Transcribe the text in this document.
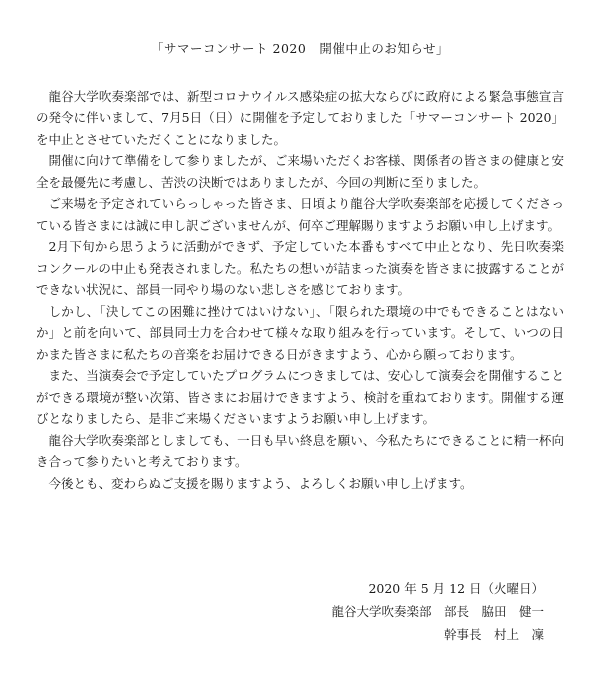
「サマーコンサート 2020　開催中止のお知らせ」

龍谷大学吹奏楽部では、新型コロナウイルス感染症の拡大ならびに政府による緊急事態宣言の発令に伴いまして、7月5日（日）に開催を予定しておりました「サマーコンサート 2020」を中止とさせていただくことになりました。

開催に向けて準備をして参りましたが、ご来場いただくお客様、関係者の皆さまの健康と安全を最優先に考慮し、苦渋の決断ではありましたが、今回の判断に至りました。

ご来場を予定されていらっしゃった皆さま、日頃より龍谷大学吹奏楽部を応援してくださっている皆さまには誠に申し訳ございませんが、何卒ご理解賜りますようお願い申し上げます。

2月下旬から思うように活動ができず、予定していた本番もすべて中止となり、先日吹奏楽コンクールの中止も発表されました。私たちの想いが詰まった演奏を皆さまに披露することができない状況に、部員一同やり場のない悲しさを感じております。

しかし、「決してこの困難に挫けてはいけない」、「限られた環境の中でもできることはないか」と前を向いて、部員同士力を合わせて様々な取り組みを行っています。そして、いつの日かまた皆さまに私たちの音楽をお届けできる日がきますよう、心から願っております。

また、当演奏会で予定していたプログラムにつきましては、安心して演奏会を開催することができる環境が整い次第、皆さまにお届けできますよう、検討を重ねております。開催する運びとなりましたら、是非ご来場くださいますようお願い申し上げます。

龍谷大学吹奏楽部としましても、一日も早い終息を願い、今私たちにできることに精一杯向き合って参りたいと考えております。

今後とも、変わらぬご支援を賜りますよう、よろしくお願い申し上げます。

2020 年 5 月 12 日（火曜日）
龍谷大学吹奏楽部　部長　脇田　健一
幹事長　村上　凜
